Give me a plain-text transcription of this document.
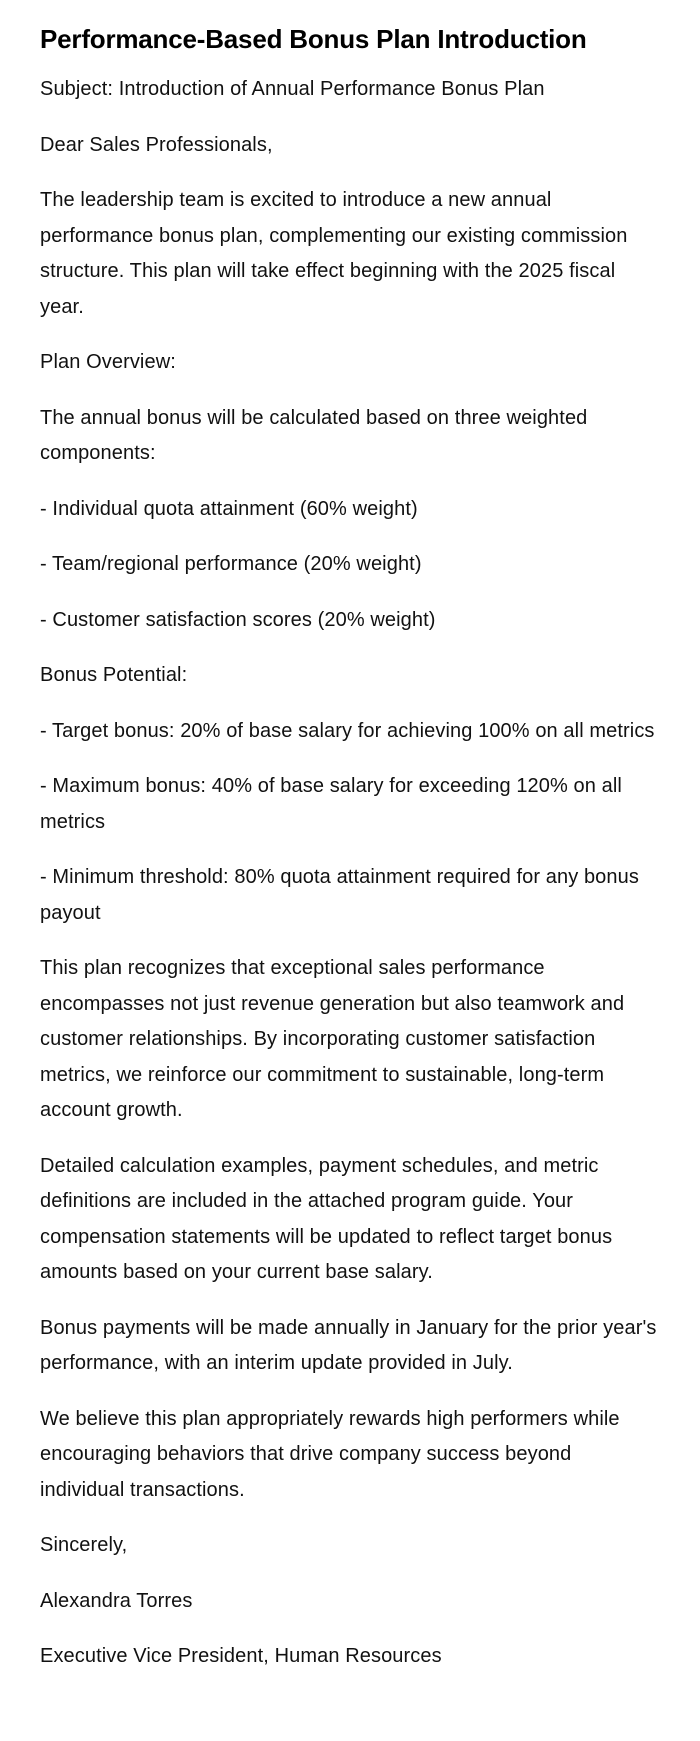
Performance-Based Bonus Plan Introduction

Subject: Introduction of Annual Performance Bonus Plan

Dear Sales Professionals,

The leadership team is excited to introduce a new annual performance bonus plan, complementing our existing commission structure. This plan will take effect beginning with the 2025 fiscal year.

Plan Overview:

The annual bonus will be calculated based on three weighted components:

- Individual quota attainment (60% weight)

- Team/regional performance (20% weight)

- Customer satisfaction scores (20% weight)

Bonus Potential:

- Target bonus: 20% of base salary for achieving 100% on all metrics

- Maximum bonus: 40% of base salary for exceeding 120% on all metrics

- Minimum threshold: 80% quota attainment required for any bonus payout

This plan recognizes that exceptional sales performance encompasses not just revenue generation but also teamwork and customer relationships. By incorporating customer satisfaction metrics, we reinforce our commitment to sustainable, long-term account growth.

Detailed calculation examples, payment schedules, and metric definitions are included in the attached program guide. Your compensation statements will be updated to reflect target bonus amounts based on your current base salary.

Bonus payments will be made annually in January for the prior year's performance, with an interim update provided in July.

We believe this plan appropriately rewards high performers while encouraging behaviors that drive company success beyond individual transactions.

Sincerely,

Alexandra Torres

Executive Vice President, Human Resources
